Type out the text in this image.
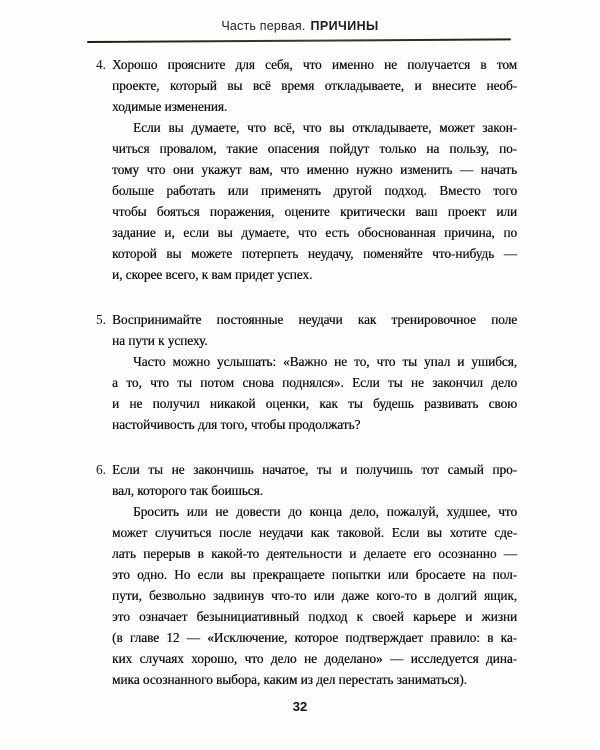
Часть первая. ПРИЧИНЫ
4. Хорошо проясните для себя, что именно не получается в том
проекте, который вы всё время откладываете, и внесите необ-
ходимые изменения.
Если вы думаете, что всё, что вы откладываете, может закон-
читься провалом, такие опасения пойдут только на пользу, по-
тому что они укажут вам, что именно нужно изменить — начать
больше работать или применять другой подход. Вместо того
чтобы бояться поражения, оцените критически ваш проект или
задание и, если вы думаете, что есть обоснованная причина, по
которой вы можете потерпеть неудачу, поменяйте что-нибудь —
и, скорее всего, к вам придет успех.
5. Воспринимайте постоянные неудачи как тренировочное поле
на пути к успеху.
Часто можно услышать: «Важно не то, что ты упал и ушибся,
а то, что ты потом снова поднялся». Если ты не закончил дело
и не получил никакой оценки, как ты будешь развивать свою
настойчивость для того, чтобы продолжать?
6. Если ты не закончишь начатое, ты и получишь тот самый про-
вал, которого так боишься.
Бросить или не довести до конца дело, пожалуй, худшее, что
может случиться после неудачи как таковой. Если вы хотите сде-
лать перерыв в какой-то деятельности и делаете его осознанно —
это одно. Но если вы прекращаете попытки или бросаете на пол-
пути, безвольно задвинув что-то или даже кого-то в долгий ящик,
это означает безынициативный подход к своей карьере и жизни
(в главе 12 — «Исключение, которое подтверждает правило: в ка-
ких случаях хорошо, что дело не доделано» — исследуется дина-
мика осознанного выбора, каким из дел перестать заниматься).
32
